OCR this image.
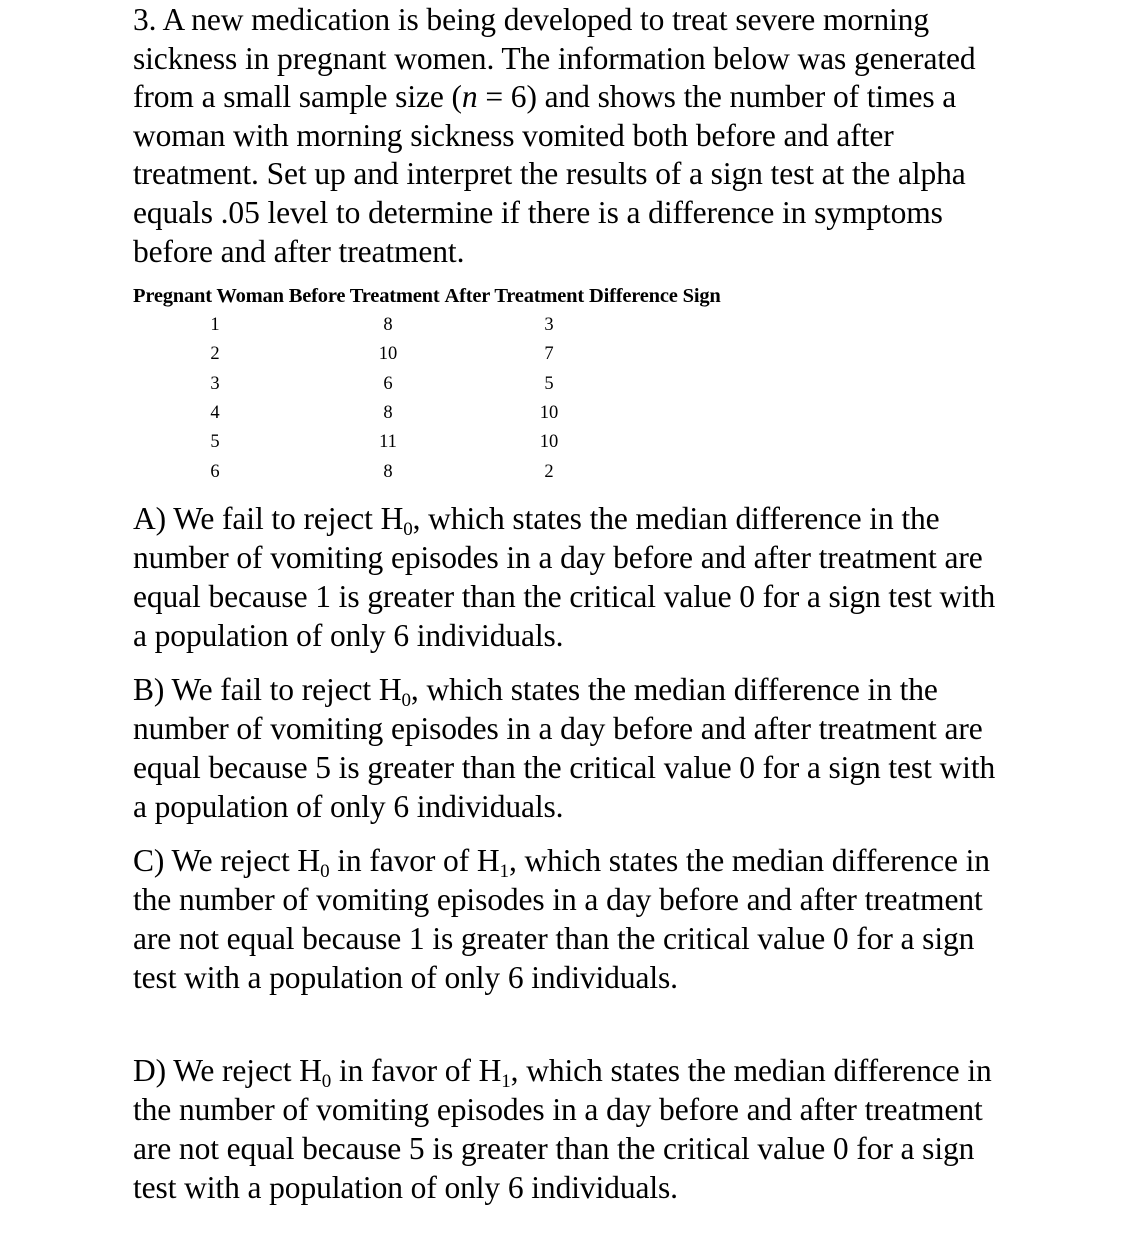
3. A new medication is being developed to treat severe morning sickness in pregnant women. The information below was generated from a small sample size (n = 6) and shows the number of times a woman with morning sickness vomited both before and after treatment. Set up and interpret the results of a sign test at the alpha equals .05 level to determine if there is a difference in symptoms before and after treatment.

Pregnant Woman Before Treatment After Treatment Difference Sign
1	8	3
2	10	7
3	6	5
4	8	10
5	11	10
6	8	2

A) We fail to reject $H_0$, which states the median difference in the number of vomiting episodes in a day before and after treatment are equal because 1 is greater than the critical value 0 for a sign test with a population of only 6 individuals.

B) We fail to reject $H_0$, which states the median difference in the number of vomiting episodes in a day before and after treatment are equal because 5 is greater than the critical value 0 for a sign test with a population of only 6 individuals.

C) We reject $H_0$ in favor of $H_1$, which states the median difference in the number of vomiting episodes in a day before and after treatment are not equal because 1 is greater than the critical value 0 for a sign test with a population of only 6 individuals.

D) We reject $H_0$ in favor of $H_1$, which states the median difference in the number of vomiting episodes in a day before and after treatment are not equal because 5 is greater than the critical value 0 for a sign test with a population of only 6 individuals.
